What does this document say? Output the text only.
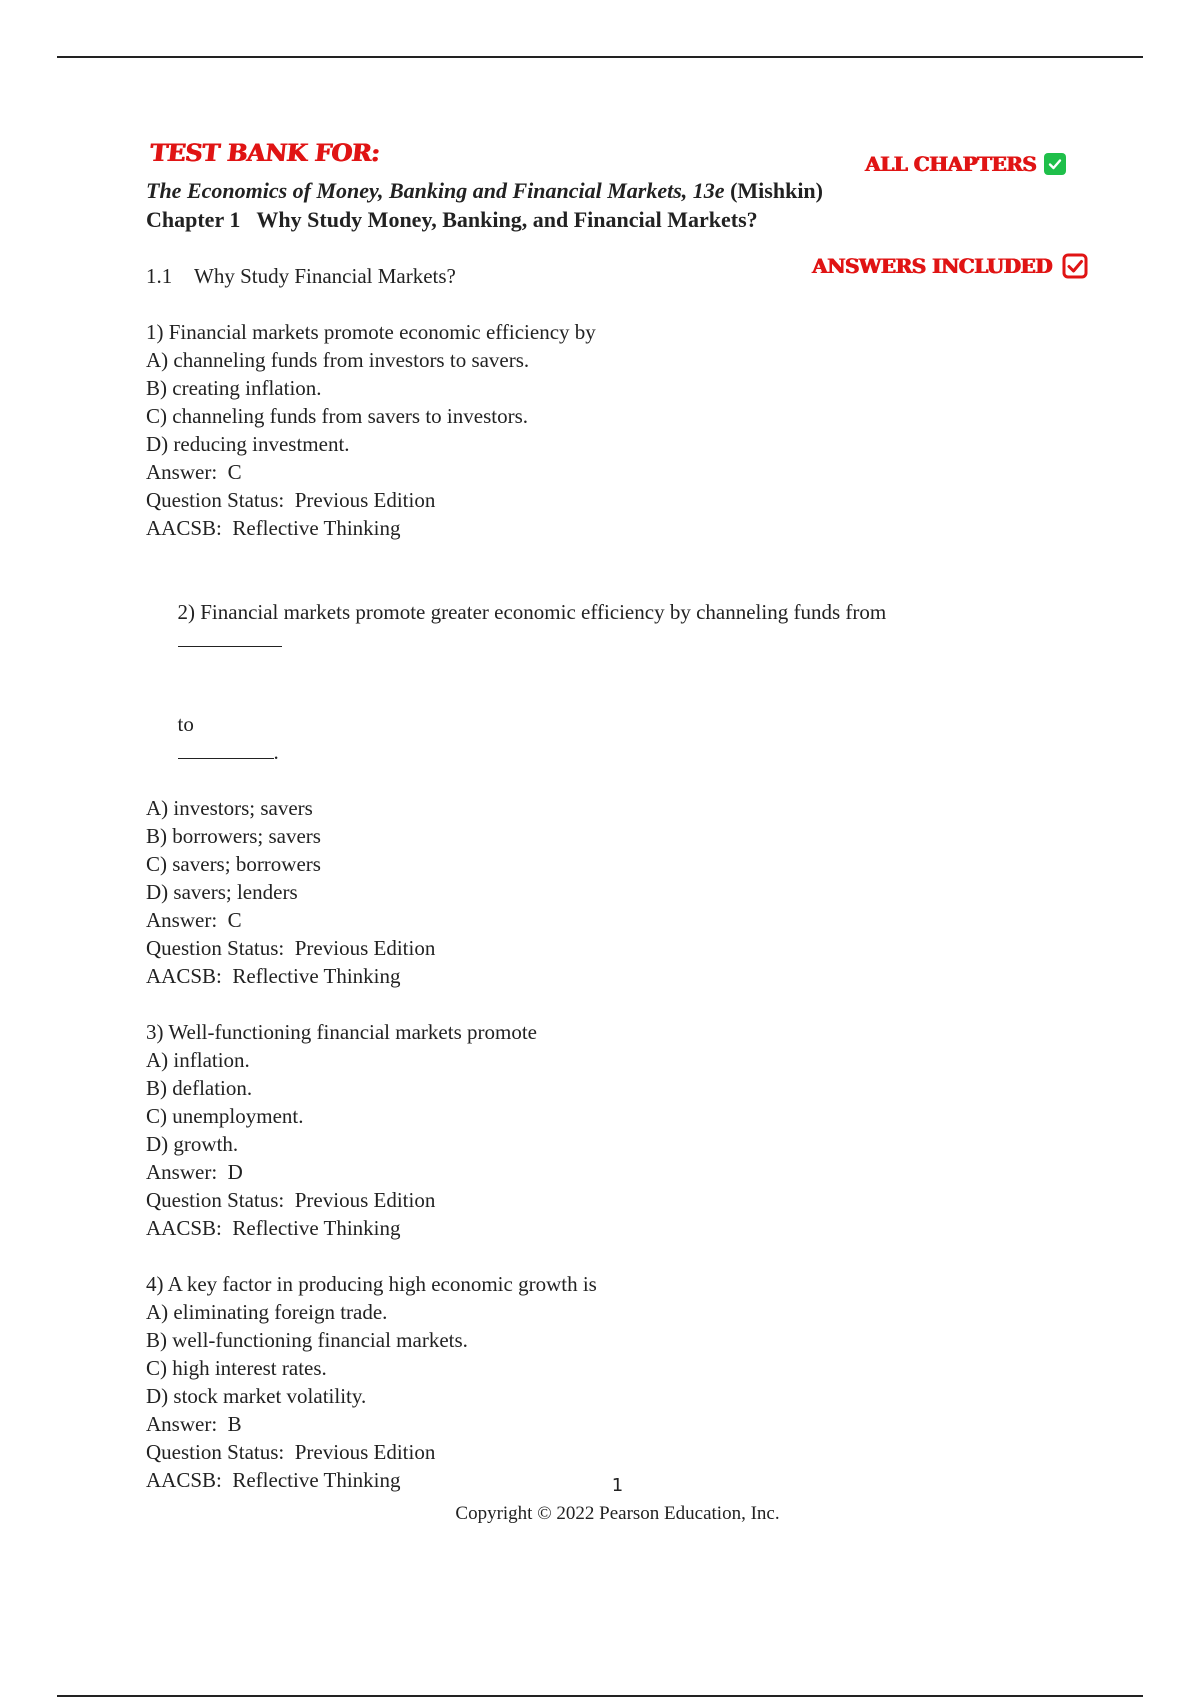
TEST BANK FOR:	ALL CHAPTERS
The Economics of Money, Banking and Financial Markets, 13e (Mishkin)
Chapter 1   Why Study Money, Banking, and Financial Markets?
ANSWERS INCLUDED
1.1 Why Study Financial Markets?
1) Financial markets promote economic efficiency by
A) channeling funds from investors to savers.
B) creating inflation.
C) channeling funds from savers to investors.
D) reducing investment.
Answer:  C
Question Status:  Previous Edition
AACSB:  Reflective Thinking

2) Financial markets promote greater economic efficiency by channeling funds from

to
.

A) investors; savers
B) borrowers; savers
C) savers; borrowers
D) savers; lenders
Answer:  C
Question Status:  Previous Edition
AACSB:  Reflective Thinking
3) Well-functioning financial markets promote
A) inflation.
B) deflation.
C) unemployment.
D) growth.
Answer:  D
Question Status:  Previous Edition
AACSB:  Reflective Thinking
4) A key factor in producing high economic growth is
A) eliminating foreign trade.
B) well-functioning financial markets.
C) high interest rates.
D) stock market volatility.
Answer:  B
Question Status:  Previous Edition
AACSB:  Reflective Thinking	1
Copyright © 2022 Pearson Education, Inc.
